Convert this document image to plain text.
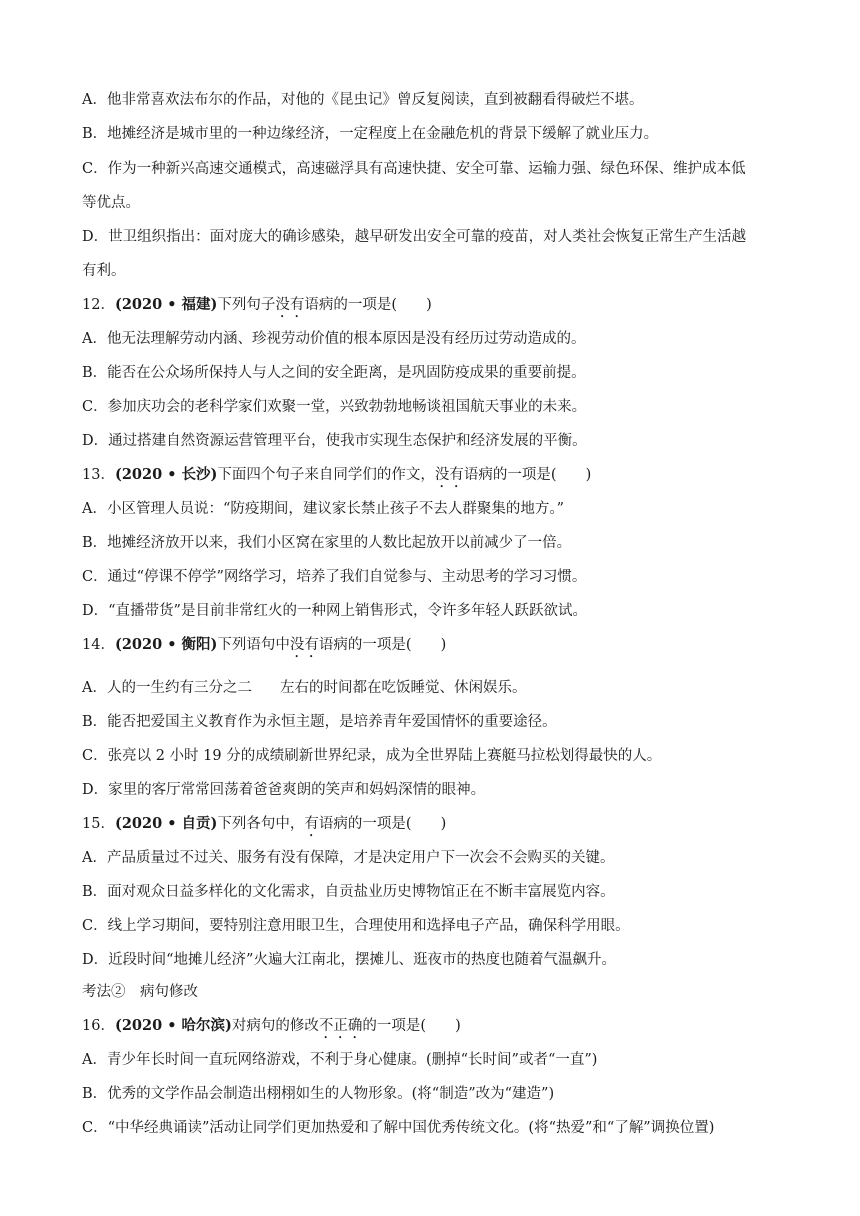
A．他非常喜欢法布尔的作品，对他的《昆虫记》曾反复阅读，直到被翻看得破烂不堪。
B．地摊经济是城市里的一种边缘经济，一定程度上在金融危机的背景下缓解了就业压力。
C．作为一种新兴高速交通模式，高速磁浮具有高速快捷、安全可靠、运输力强、绿色环保、维护成本低
等优点。
D．世卫组织指出：面对庞大的确诊感染，越早研发出安全可靠的疫苗，对人类社会恢复正常生产生活越
有利。
12．(2020 • 福建)下列句子没有语病的一项是(　　)
A．他无法理解劳动内涵、珍视劳动价值的根本原因是没有经历过劳动造成的。
B．能否在公众场所保持人与人之间的安全距离，是巩固防疫成果的重要前提。
C．参加庆功会的老科学家们欢聚一堂，兴致勃勃地畅谈祖国航天事业的未来。
D．通过搭建自然资源运营管理平台，使我市实现生态保护和经济发展的平衡。
13．(2020 • 长沙)下面四个句子来自同学们的作文，没有语病的一项是(　　)
A．小区管理人员说：“防疫期间，建议家长禁止孩子不去人群聚集的地方。”
B．地摊经济放开以来，我们小区窝在家里的人数比起放开以前减少了一倍。
C．通过“停课不停学”网络学习，培养了我们自觉参与、主动思考的学习习惯。
D．“直播带货”是目前非常红火的一种网上销售形式，令许多年轻人跃跃欲试。
14．(2020 • 衡阳)下列语句中没有语病的一项是(　　)
A．人的一生约有三分之二 左右的时间都在吃饭睡觉、休闲娱乐。
B．能否把爱国主义教育作为永恒主题，是培养青年爱国情怀的重要途径。
C．张亮以 2 小时 19 分的成绩刷新世界纪录，成为全世界陆上赛艇马拉松划得最快的人。
D．家里的客厅常常回荡着爸爸爽朗的笑声和妈妈深情的眼神。
15．(2020 • 自贡)下列各句中，有语病的一项是(　　)
A．产品质量过不过关、服务有没有保障，才是决定用户下一次会不会购买的关键。
B．面对观众日益多样化的文化需求，自贡盐业历史博物馆正在不断丰富展览内容。
C．线上学习期间，要特别注意用眼卫生，合理使用和选择电子产品，确保科学用眼。
D．近段时间“地摊儿经济”火遍大江南北，摆摊儿、逛夜市的热度也随着气温飙升。
考法②　病句修改
16．(2020 • 哈尔滨)对病句的修改不正确的一项是(　　)
A．青少年长时间一直玩网络游戏，不利于身心健康。(删掉“长时间”或者“一直”)
B．优秀的文学作品会制造出栩栩如生的人物形象。(将“制造”改为“建造”)
C．“中华经典诵读”活动让同学们更加热爱和了解中国优秀传统文化。(将“热爱”和“了解”调换位置)
